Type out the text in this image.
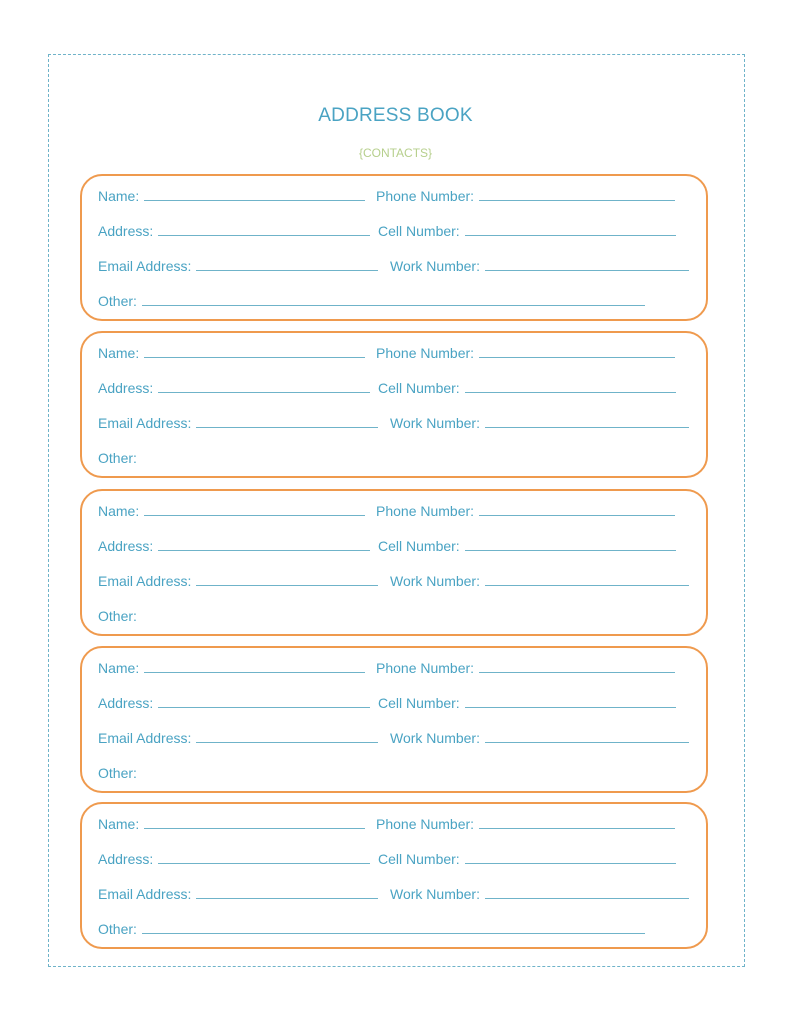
ADDRESS BOOK
{CONTACTS}
Name:	Phone Number:
Address:	Cell Number:
Email Address:	Work Number:
Other:
Name:	Phone Number:
Address:	Cell Number:
Email Address:	Work Number:
Other:
Name:	Phone Number:
Address:	Cell Number:
Email Address:	Work Number:
Other:
Name:	Phone Number:
Address:	Cell Number:
Email Address:	Work Number:
Other:
Name:	Phone Number:
Address:	Cell Number:
Email Address:	Work Number:
Other:
